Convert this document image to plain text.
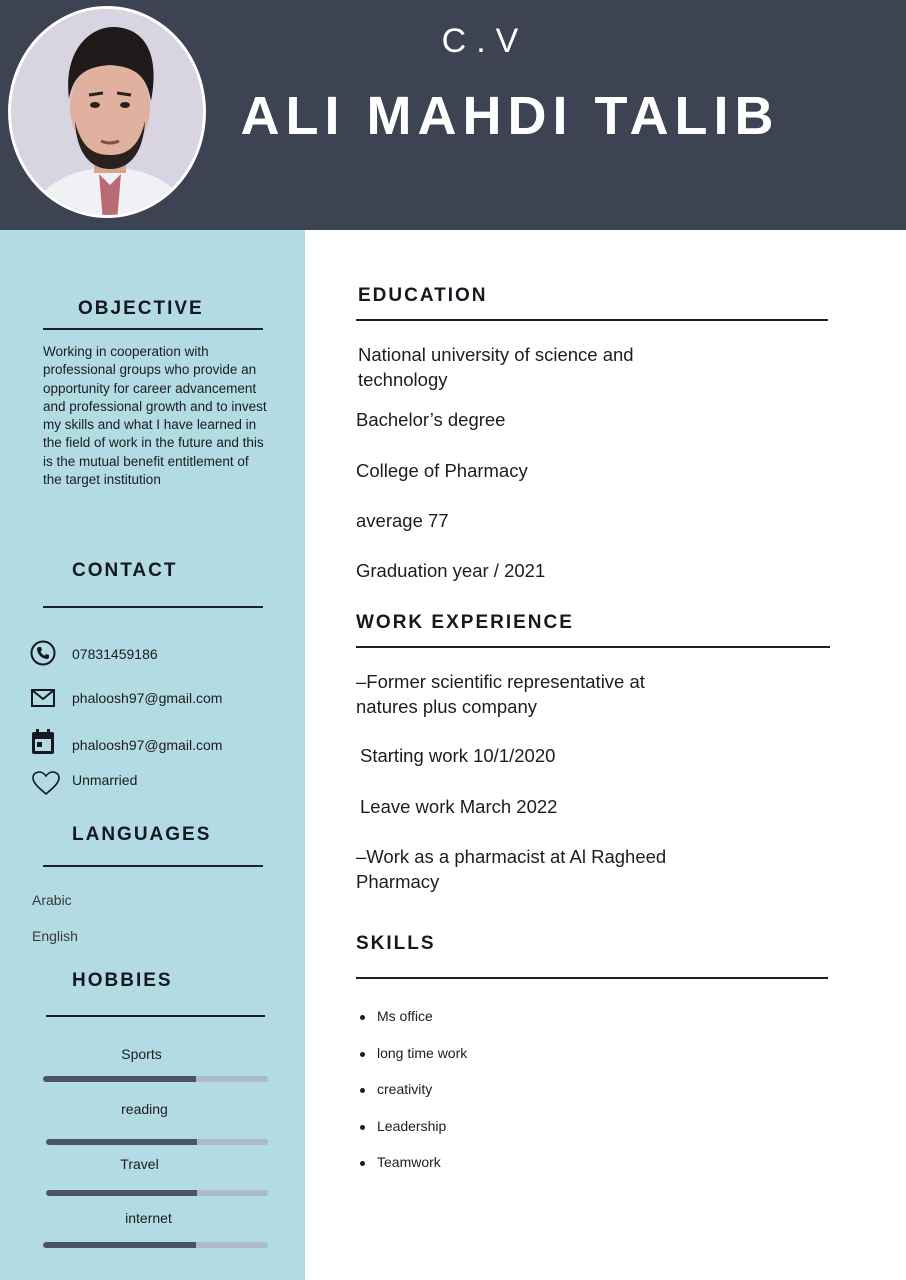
C.V
ALI MAHDI TALIB
OBJECTIVE
Working in cooperation with professional groups who provide an opportunity for career advancement and professional growth and to invest my skills and what I have learned in the field of work in the future and this is the mutual benefit entitlement of the target institution
CONTACT
07831459186
phaloosh97@gmail.com
phaloosh97@gmail.com
Unmarried
LANGUAGES
Arabic
English
HOBBIES
Sports
reading
Travel
internet
EDUCATION
National university of science and technology
Bachelor’s degree
College of Pharmacy
average 77
Graduation year / 2021
WORK EXPERIENCE
–Former scientific representative at natures plus company
Starting work 10/1/2020
Leave work March 2022
–Work as a pharmacist at Al Ragheed Pharmacy
SKILLS
Ms office
long time work
creativity
Leadership
Teamwork
